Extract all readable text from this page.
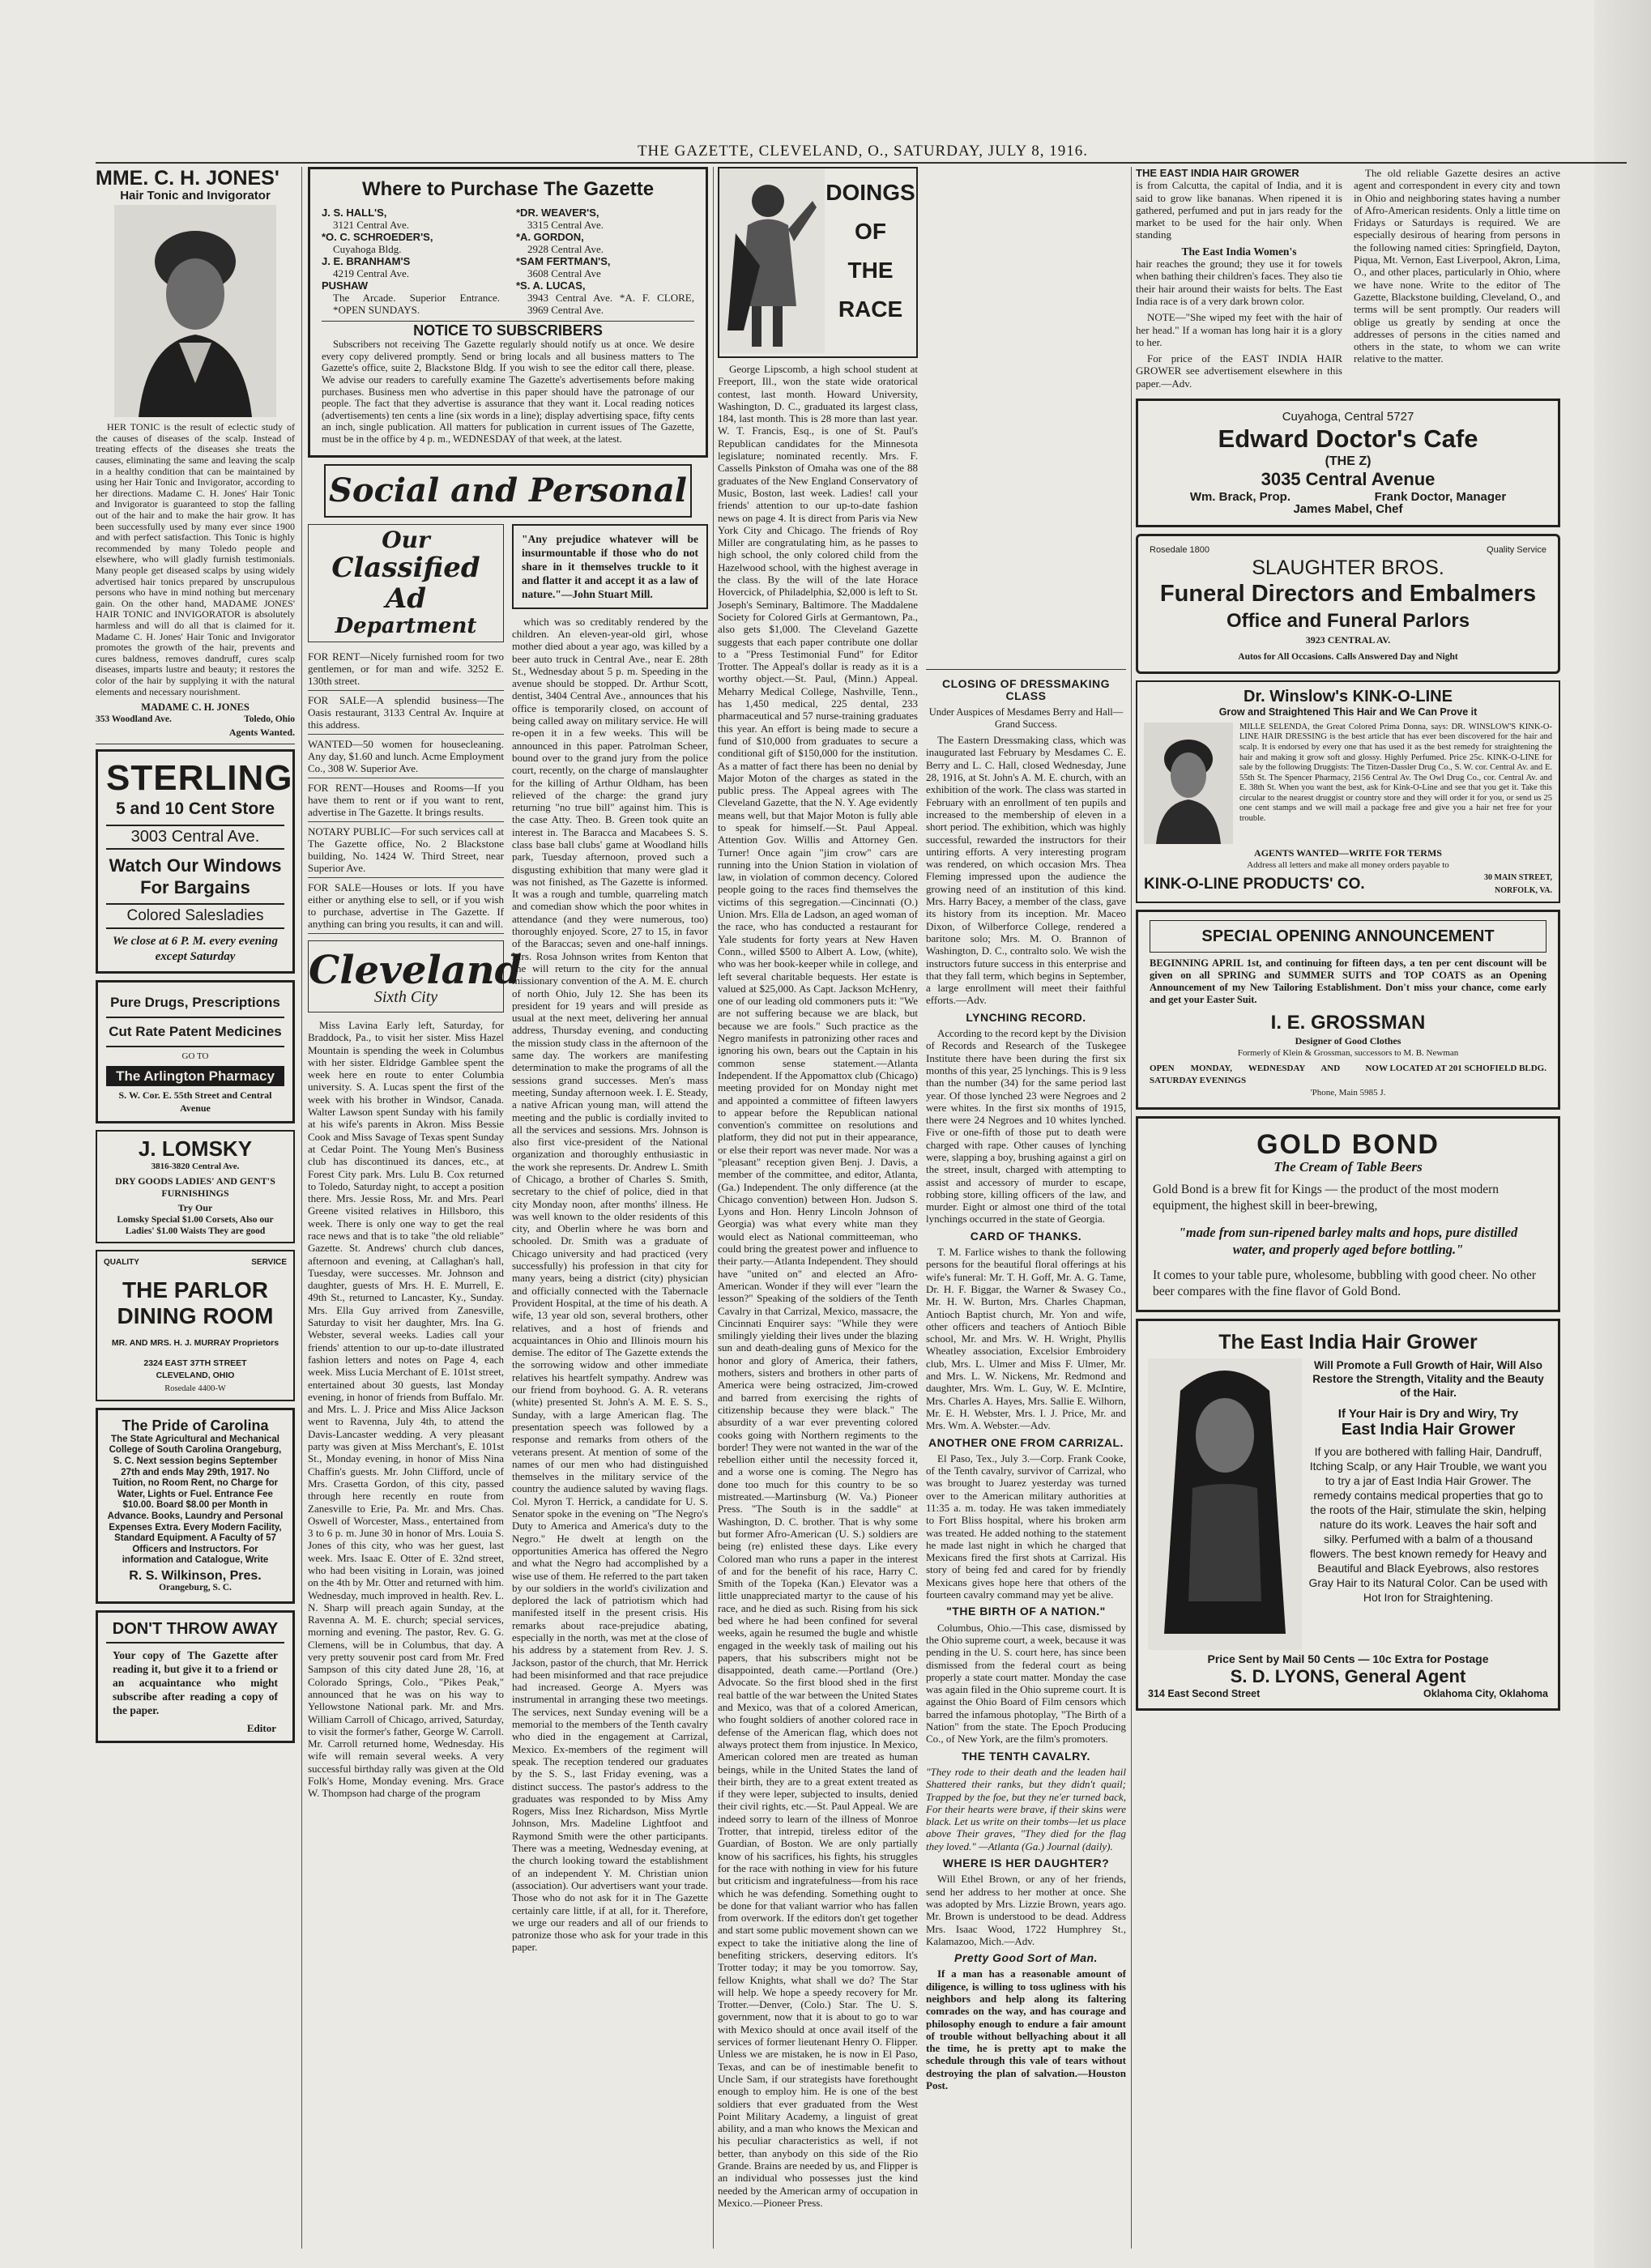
THE GAZETTE, CLEVELAND, O., SATURDAY, JULY 8, 1916.
MME. C. H. JONES'
Hair Tonic and Invigorator

HER TONIC is the result of eclectic study of the causes of diseases of the scalp. Instead of treating effects of the diseases she treats the causes, eliminating the same and leaving the scalp in a healthy condition that can be maintained by using her Hair Tonic and Invigorator, according to her directions. Madame C. H. Jones' Hair Tonic and Invigorator is guaranteed to stop the falling out of the hair and to make the hair grow. It has been successfully used by many ever since 1900 and with perfect satisfaction. This Tonic is highly recommended by many Toledo people and elsewhere, who will gladly furnish testimonials. Many people get diseased scalps by using widely advertised hair tonics prepared by unscrupulous persons who have in mind nothing but mercenary gain. On the other hand, MADAME JONES' HAIR TONIC and INVIGORATOR is absolutely harmless and will do all that is claimed for it. Madame C. H. Jones' Hair Tonic and Invigorator promotes the growth of the hair, prevents and cures baldness, removes dandruff, cures scalp diseases, imparts lustre and beauty; it restores the color of the hair by supplying it with the natural elements and necessary nourishment.

MADAME C. H. JONES
353 Woodland Ave.	Toledo, Ohio
Agents Wanted.
STERLING
5 and 10 Cent Store
3003 Central Ave.
Watch Our Windows For Bargains
Colored Salesladies
We close at 6 P. M. every evening except Saturday
Pure Drugs, Prescriptions
Cut Rate Patent Medicines
GO TO
The Arlington Pharmacy
S. W. Cor. E. 55th Street and Central Avenue
J. LOMSKY
3816-3820 Central Ave.
DRY GOODS LADIES' AND GENT'S FURNISHINGS
Try Our
Lomsky Special $1.00 Corsets, Also our Ladies' $1.00 Waists They are good
QUALITY	SERVICE
THE PARLOR DINING ROOM
MR. AND MRS. H. J. MURRAY Proprietors
2324 EAST 37TH STREET
CLEVELAND, OHIO
Rosedale 4400-W
The Pride of Carolina
The State Agricultural and Mechanical College of South Carolina Orangeburg, S. C. Next session begins September 27th and ends May 29th, 1917. No Tuition, no Room Rent, no Charge for Water, Lights or Fuel. Entrance Fee $10.00. Board $8.00 per Month in Advance. Books, Laundry and Personal Expenses Extra. Every Modern Facility, Standard Equipment. A Faculty of 57 Officers and Instructors. For information and Catalogue, Write
R. S. Wilkinson, Pres.
Orangeburg, S. C.
DON'T THROW AWAY
Your copy of The Gazette after reading it, but give it to a friend or an acquaintance who might subscribe after reading a copy of the paper.
Editor
Where to Purchase The Gazette
J. S. HALL'S,
3121 Central Ave.
*O. C. SCHROEDER'S,
Cuyahoga Bldg.
J. E. BRANHAM'S
4219 Central Ave.
PUSHAW
The Arcade. Superior Entrance. *OPEN SUNDAYS.
*DR. WEAVER'S,
3315 Central Ave.
*A. GORDON,
2928 Central Ave.
*SAM FERTMAN'S,
3608 Central Ave
*S. A. LUCAS,
3943 Central Ave. *A. F. CLORE, 3969 Central Ave.
NOTICE TO SUBSCRIBERS

Subscribers not receiving The Gazette regularly should notify us at once. We desire every copy delivered promptly. Send or bring locals and all business matters to The Gazette's office, suite 2, Blackstone Bldg. If you wish to see the editor call there, please. We advise our readers to carefully examine The Gazette's advertisements before making purchases. Business men who advertise in this paper should have the patronage of our people. The fact that they advertise is assurance that they want it. Local reading notices (advertisements) ten cents a line (six words in a line); display advertising space, fifty cents an inch, single publication. All matters for publication in current issues of The Gazette, must be in the office by 4 p. m., WEDNESDAY of that week, at the latest.

Social and Personal
Our
Classified Ad
Department
FOR RENT—Nicely furnished room for two gentlemen, or for man and wife. 3252 E. 130th street.
FOR SALE—A splendid business—The Oasis restaurant, 3133 Central Av. Inquire at this address.
WANTED—50 women for housecleaning. Any day, $1.60 and lunch. Acme Employment Co., 308 W. Superior Ave.
FOR RENT—Houses and Rooms—If you have them to rent or if you want to rent, advertise in The Gazette. It brings results.
NOTARY PUBLIC—For such services call at The Gazette office, No. 2 Blackstone building, No. 1424 W. Third Street, near Superior Ave.
FOR SALE—Houses or lots. If you have either or anything else to sell, or if you wish to purchase, advertise in The Gazette. If anything can bring you results, it can and will.
Cleveland
Sixth City

Miss Lavina Early left, Saturday, for Braddock, Pa., to visit her sister. Miss Hazel Mountain is spending the week in Columbus with her sister. Eldridge Gamblee spent the week here en route to enter Columbia university. S. A. Lucas spent the first of the week with his brother in Windsor, Canada. Walter Lawson spent Sunday with his family at his wife's parents in Akron. Miss Bessie Cook and Miss Savage of Texas spent Sunday at Cedar Point. The Young Men's Business club has discontinued its dances, etc., at Forest City park. Mrs. Lulu B. Cox returned to Toledo, Saturday night, to accept a position there. Mrs. Jessie Ross, Mr. and Mrs. Pearl Greene visited relatives in Hillsboro, this week. There is only one way to get the real race news and that is to take "the old reliable" Gazette. St. Andrews' church club dances, afternoon and evening, at Callaghan's hall, Tuesday, were successes. Mr. Johnson and daughter, guests of Mrs. H. E. Murrell, E. 49th St., returned to Lancaster, Ky., Sunday. Mrs. Ella Guy arrived from Zanesville, Saturday to visit her daughter, Mrs. Ina G. Webster, several weeks. Ladies call your friends' attention to our up-to-date illustrated fashion letters and notes on Page 4, each week. Miss Lucia Merchant of E. 101st street, entertained about 30 guests, last Monday evening, in honor of friends from Buffalo. Mr. and Mrs. L. J. Price and Miss Alice Jackson went to Ravenna, July 4th, to attend the Davis-Lancaster wedding. A very pleasant party was given at Miss Merchant's, E. 101st St., Monday evening, in honor of Miss Nina Chaffin's guests. Mr. John Clifford, uncle of Mrs. Crasetta Gordon, of this city, passed through here recently en route from Zanesville to Erie, Pa. Mr. and Mrs. Chas. Oswell of Worcester, Mass., entertained from 3 to 6 p. m. June 30 in honor of Mrs. Louia S. Jones of this city, who was her guest, last week. Mrs. Isaac E. Otter of E. 32nd street, who had been visiting in Lorain, was joined on the 4th by Mr. Otter and returned with him. Wednesday, much improved in health. Rev. L. N. Sharp will preach again Sunday, at the Ravenna A. M. E. church; special services, morning and evening. The pastor, Rev. G. G. Clemens, will be in Columbus, that day. A very pretty souvenir post card from Mr. Fred Sampson of this city dated June 28, '16, at Colorado Springs, Colo., "Pikes Peak," announced that he was on his way to Yellowstone National park. Mr. and Mrs. William Carroll of Chicago, arrived, Saturday, to visit the former's father, George W. Carroll. Mr. Carroll returned home, Wednesday. His wife will remain several weeks. A very successful birthday rally was given at the Old Folk's Home, Monday evening. Mrs. Grace W. Thompson had charge of the program

"Any prejudice whatever will be insurmountable if those who do not share in it themselves truckle to it and flatter it and accept it as a law of nature."—John Stuart Mill.

which was so creditably rendered by the children. An eleven-year-old girl, whose mother died about a year ago, was killed by a beer auto truck in Central Ave., near E. 28th St., Wednesday about 5 p. m. Speeding in the avenue should be stopped. Dr. Arthur Scott, dentist, 3404 Central Ave., announces that his office is temporarily closed, on account of being called away on military service. He will re-open it in a few weeks. This will be announced in this paper. Patrolman Scheer, bound over to the grand jury from the police court, recently, on the charge of manslaughter for the killing of Arthur Oldham, has been relieved of the charge: the grand jury returning "no true bill" against him. This is the case Atty. Theo. B. Green took quite an interest in. The Baracca and Macabees S. S. class base ball clubs' game at Woodland hills park, Tuesday afternoon, proved such a disgusting exhibition that many were glad it was not finished, as The Gazette is informed. It was a rough and tumble, quarreling match and comedian show which the poor whites in attendance (and they were numerous, too) thoroughly enjoyed. Score, 27 to 15, in favor of the Baraccas; seven and one-half innings. Mrs. Rosa Johnson writes from Kenton that she will return to the city for the annual missionary convention of the A. M. E. church of north Ohio, July 12. She has been its president for 19 years and will preside as usual at the next meet, delivering her annual address, Thursday evening, and conducting the mission study class in the afternoon of the same day. The workers are manifesting determination to make the programs of all the sessions grand successes. Men's mass meeting, Sunday afternoon week. I. E. Steady, a native African young man, will attend the meeting and the public is cordially invited to all the services and sessions. Mrs. Johnson is also first vice-president of the National organization and thoroughly enthusiastic in the work she represents. Dr. Andrew L. Smith of Chicago, a brother of Charles S. Smith, secretary to the chief of police, died in that city Monday noon, after months' illness. He was well known to the older residents of this city, and Oberlin where he was born and schooled. Dr. Smith was a graduate of Chicago university and had practiced (very successfully) his profession in that city for many years, being a district (city) physician and officially connected with the Tabernacle Provident Hospital, at the time of his death. A wife, 13 year old son, several brothers, other relatives, and a host of friends and acquaintances in Ohio and Illinois mourn his demise. The editor of The Gazette extends the the sorrowing widow and other immediate relatives his heartfelt sympathy. Andrew was our friend from boyhood. G. A. R. veterans (white) presented St. John's A. M. E. S. S., Sunday, with a large American flag. The presentation speech was followed by a response and remarks from others of the veterans present. At mention of some of the names of our men who had distinguished themselves in the military service of the country the audience saluted by waving flags. Col. Myron T. Herrick, a candidate for U. S. Senator spoke in the evening on "The Negro's Duty to America and America's duty to the Negro." He dwelt at length on the opportunities America has offered the Negro and what the Negro had accomplished by a wise use of them. He referred to the part taken by our soldiers in the world's civilization and deplored the lack of patriotism which had manifested itself in the present crisis. His remarks about race-prejudice abating, especially in the north, was met at the close of his address by a statement from Rev. J. S. Jackson, pastor of the church, that Mr. Herrick had been misinformed and that race prejudice had increased. George A. Myers was instrumental in arranging these two meetings. The services, next Sunday evening will be a memorial to the members of the Tenth cavalry who died in the engagement at Carrizal, Mexico. Ex-members of the regiment will speak. The reception tendered our graduates by the S. S., last Friday evening, was a distinct success. The pastor's address to the graduates was responded to by Miss Amy Rogers, Miss Inez Richardson, Miss Myrtle Johnson, Mrs. Madeline Lightfoot and Raymond Smith were the other participants. There was a meeting, Wednesday evening, at the church looking toward the establishment of an independent Y. M. Christian union (association). Our advertisers want your trade. Those who do not ask for it in The Gazette certainly care little, if at all, for it. Therefore, we urge our readers and all of our friends to patronize those who ask for your trade in this paper.

DOINGS
OF
THE
RACE

George Lipscomb, a high school student at Freeport, Ill., won the state wide oratorical contest, last month. Howard University, Washington, D. C., graduated its largest class, 184, last month. This is 28 more than last year. W. T. Francis, Esq., is one of St. Paul's Republican candidates for the Minnesota legislature; nominated recently. Mrs. F. Cassells Pinkston of Omaha was one of the 88 graduates of the New England Conservatory of Music, Boston, last week. Ladies! call your friends' attention to our up-to-date fashion news on page 4. It is direct from Paris via New York City and Chicago. The friends of Roy Miller are congratulating him, as he passes to high school, the only colored child from the Hazelwood school, with the highest average in the class. By the will of the late Horace Hovercick, of Philadelphia, $2,000 is left to St. Joseph's Seminary, Baltimore. The Maddalene Society for Colored Girls at Germantown, Pa., also gets $1,000. The Cleveland Gazette suggests that each paper contribute one dollar to a "Press Testimonial Fund" for Editor Trotter. The Appeal's dollar is ready as it is a worthy object.—St. Paul, (Minn.) Appeal. Meharry Medical College, Nashville, Tenn., has 1,450 medical, 225 dental, 233 pharmaceutical and 57 nurse-training graduates this year. An effort is being made to secure a fund of $10,000 from graduates to secure a conditional gift of $150,000 for the institution. As a matter of fact there has been no denial by Major Moton of the charges as stated in the public press. The Appeal agrees with The Cleveland Gazette, that the N. Y. Age evidently means well, but that Major Moton is fully able to speak for himself.—St. Paul Appeal. Attention Gov. Willis and Attorney Gen. Turner! Once again "jim crow" cars are running into the Union Station in violation of law, in violation of common decency. Colored people going to the races find themselves the victims of this segregation.—Cincinnati (O.) Union. Mrs. Ella de Ladson, an aged woman of the race, who has conducted a restaurant for Yale students for forty years at New Haven Conn., willed $500 to Albert A. Low, (white), who was her book-keeper while in college, and left several charitable bequests. Her estate is valued at $25,000. As Capt. Jackson McHenry, one of our leading old commoners puts it: "We are not suffering because we are black, but because we are fools." Such practice as the Negro manifests in patronizing other races and ignoring his own, bears out the Captain in his common sense statement.—Atlanta Independent. If the Appomattox club (Chicago) meeting provided for on Monday night met and appointed a committee of fifteen lawyers to appear before the Republican national convention's committee on resolutions and platform, they did not put in their appearance, or else their report was never made. Nor was a "pleasant" reception given Benj. J. Davis, a member of the committee, and editor, Atlanta, (Ga.) Independent. The only difference (at the Chicago convention) between Hon. Judson S. Lyons and Hon. Henry Lincoln Johnson of Georgia) was what every white man they would elect as National committeeman, who could bring the greatest power and influence to their party.—Atlanta Independent. They should have "united on" and elected an Afro-American. Wonder if they will ever "learn the lesson?" Speaking of the soldiers of the Tenth Cavalry in that Carrizal, Mexico, massacre, the Cincinnati Enquirer says: "While they were smilingly yielding their lives under the blazing sun and death-dealing guns of Mexico for the honor and glory of America, their fathers, mothers, sisters and brothers in other parts of America were being ostracized, Jim-crowed and barred from exercising the rights of citizenship because they were black." The absurdity of a war ever preventing colored cooks going with Northern regiments to the border! They were not wanted in the war of the rebellion either until the necessity forced it, and a worse one is coming. The Negro has done too much for this country to be so mistreated.—Martinsburg (W. Va.) Pioneer Press. "The South is in the saddle" at Washington, D. C. brother. That is why some but former Afro-American (U. S.) soldiers are being (re) enlisted these days. Like every Colored man who runs a paper in the interest of and for the benefit of his race, Harry C. Smith of the Topeka (Kan.) Elevator was a little unappreciated martyr to the cause of his race, and he died as such. Rising from his sick bed where he had been confined for several weeks, again he resumed the bugle and whistle engaged in the weekly task of mailing out his papers, that his subscribers might not be disappointed, death came.—Portland (Ore.) Advocate. So the first blood shed in the first real battle of the war between the United States and Mexico, was that of a colored American, who fought soldiers of another colored race in defense of the American flag, which does not always protect them from injustice. In Mexico, American colored men are treated as human beings, while in the United States the land of their birth, they are to a great extent treated as if they were leper, subjected to insults, denied their civil rights, etc.—St. Paul Appeal. We are indeed sorry to learn of the illness of Monroe Trotter, that intrepid, tireless editor of the Guardian, of Boston. We are only partially know of his sacrifices, his fights, his struggles for the race with nothing in view for his future but criticism and ingratefulness—from his race which he was defending. Something ought to be done for that valiant warrior who has fallen from overwork. If the editors don't get together and start some public movement shown can we expect to take the initiative along the line of benefiting strickers, deserving editors. It's Trotter today; it may be you tomorrow. Say, fellow Knights, what shall we do? The Star will help. We hope a speedy recovery for Mr. Trotter.—Denver, (Colo.) Star. The U. S. government, now that it is about to go to war with Mexico should at once avail itself of the services of former lieutenant Henry O. Flipper. Unless we are mistaken, he is now in El Paso, Texas, and can be of inestimable benefit to Uncle Sam, if our strategists have forethought enough to employ him. He is one of the best soldiers that ever graduated from the West Point Military Academy, a linguist of great ability, and a man who knows the Mexican and his peculiar characteristics as well, if not better, than anybody on this side of the Rio Grande. Brains are needed by us, and Flipper is an individual who possesses just the kind needed by the American army of occupation in Mexico.—Pioneer Press.

CLOSING OF DRESSMAKING CLASS
Under Auspices of Mesdames Berry and Hall—Grand Success.

The Eastern Dressmaking class, which was inaugurated last February by Mesdames C. E. Berry and L. C. Hall, closed Wednesday, June 28, 1916, at St. John's A. M. E. church, with an exhibition of the work. The class was started in February with an enrollment of ten pupils and increased to the membership of eleven in a short period. The exhibition, which was highly successful, rewarded the instructors for their untiring efforts. A very interesting program was rendered, on which occasion Mrs. Thea Fleming impressed upon the audience the growing need of an institution of this kind. Mrs. Harry Bacey, a member of the class, gave its history from its inception. Mr. Maceo Dixon, of Wilberforce College, rendered a baritone solo; Mrs. M. O. Brannon of Washington, D. C., contralto solo. We wish the instructors future success in this enterprise and that they fall term, which begins in September, a large enrollment will meet their faithful efforts.—Adv.

LYNCHING RECORD.

According to the record kept by the Division of Records and Research of the Tuskegee Institute there have been during the first six months of this year, 25 lynchings. This is 9 less than the number (34) for the same period last year. Of those lynched 23 were Negroes and 2 were whites. In the first six months of 1915, there were 24 Negroes and 10 whites lynched. Five or one-fifth of those put to death were charged with rape. Other causes of lynching were, slapping a boy, brushing against a girl on the street, insult, charged with attempting to assist and accessory of murder to escape, robbing store, killing officers of the law, and murder. Eight or almost one third of the total lynchings occurred in the state of Georgia.

CARD OF THANKS.

T. M. Farlice wishes to thank the following persons for the beautiful floral offerings at his wife's funeral: Mr. T. H. Goff, Mr. A. G. Tame, Dr. H. F. Biggar, the Warner & Swasey Co., Mr. H. W. Burton, Mrs. Charles Chapman, Antioch Baptist church, Mr. Yon and wife, other officers and teachers of Antioch Bible school, Mr. and Mrs. W. H. Wright, Phyllis Wheatley association, Excelsior Embroidery club, Mrs. L. Ulmer and Miss F. Ulmer, Mr. and Mrs. L. W. Nickens, Mr. Redmond and daughter, Mrs. Wm. L. Guy, W. E. McIntire, Mrs. Charles A. Hayes, Mrs. Sallie E. Wilhorn, Mr. E. H. Webster, Mrs. I. J. Price, Mr. and Mrs. Wm. A. Webster.—Adv.

ANOTHER ONE FROM CARRIZAL.

El Paso, Tex., July 3.—Corp. Frank Cooke, of the Tenth cavalry, survivor of Carrizal, who was brought to Juarez yesterday was turned over to the American military authorities at 11:35 a. m. today. He was taken immediately to Fort Bliss hospital, where his broken arm was treated. He added nothing to the statement he made last night in which he charged that Mexicans fired the first shots at Carrizal. His story of being fed and cared for by friendly Mexicans gives hope here that others of the fourteen cavalry command may yet be alive.

"THE BIRTH OF A NATION."

Columbus, Ohio.—This case, dismissed by the Ohio supreme court, a week, because it was pending in the U. S. court here, has since been dismissed from the federal court as being properly a state court matter. Monday the case was again filed in the Ohio supreme court. It is against the Ohio Board of Film censors which barred the infamous photoplay, "The Birth of a Nation" from the state. The Epoch Producing Co., of New York, are the film's promoters.

THE TENTH CAVALRY.

"They rode to their death and the leaden hail Shattered their ranks, but they didn't quail; Trapped by the foe, but they ne'er turned back, For their hearts were brave, if their skins were black. Let us write on their tombs—let us place above Their graves, "They died for the flag they loved." —Atlanta (Ga.) Journal (daily).

WHERE IS HER DAUGHTER?

Will Ethel Brown, or any of her friends, send her address to her mother at once. She was adopted by Mrs. Lizzie Brown, years ago. Mr. Brown is understood to be dead. Address Mrs. Isaac Wood, 1722 Humphrey St., Kalamazoo, Mich.—Adv.

Pretty Good Sort of Man.

If a man has a reasonable amount of diligence, is willing to toss ugliness with his neighbors and help along its faltering comrades on the way, and has courage and philosophy enough to endure a fair amount of trouble without bellyaching about it all the time, he is pretty apt to make the schedule through this vale of tears without destroying the plan of salvation.—Houston Post.

THE EAST INDIA HAIR GROWER

is from Calcutta, the capital of India, and it is said to grow like bananas. When ripened it is gathered, perfumed and put in jars ready for the market to be used for the hair only. When standing

The East India Women's

hair reaches the ground; they use it for towels when bathing their children's faces. They also tie their hair around their waists for belts. The East India race is of a very dark brown color.

NOTE—"She wiped my feet with the hair of her head." If a woman has long hair it is a glory to her.

For price of the EAST INDIA HAIR GROWER see advertisement elsewhere in this paper.—Adv.

The old reliable Gazette desires an active agent and correspondent in every city and town in Ohio and neighboring states having a number of Afro-American residents. Only a little time on Fridays or Saturdays is required. We are especially desirous of hearing from persons in the following named cities: Springfield, Dayton, Piqua, Mt. Vernon, East Liverpool, Akron, Lima, O., and other places, particularly in Ohio, where we have none. Write to the editor of The Gazette, Blackstone building, Cleveland, O., and terms will be sent promptly. Our readers will oblige us greatly by sending at once the addresses of persons in the cities named and others in the state, to whom we can write relative to the matter.

Cuyahoga, Central 5727
Edward Doctor's Cafe
(THE Z)
3035 Central Avenue
Wm. Brack, Prop.	Frank Doctor, Manager
James Mabel, Chef
Rosedale 1800	Quality Service
SLAUGHTER BROS.
Funeral Directors and Embalmers
Office and Funeral Parlors
3923 CENTRAL AV.
Autos for All Occasions. Calls Answered Day and Night
Dr. Winslow's KINK-O-LINE
Grow and Straightened This Hair and We Can Prove it
MILLE SELENDA, the Great Colored Prima Donna, says: DR. WINSLOW'S KINK-O-LINE HAIR DRESSING is the best article that has ever been discovered for the hair and scalp. It is endorsed by every one that has used it as the best remedy for straightening the hair and making it grow soft and glossy. Highly Perfumed. Price 25c. KINK-O-LINE for sale by the following Druggists: The Titzen-Dassler Drug Co., S. W. cor. Central Av. and E. 55th St. The Spencer Pharmacy, 2156 Central Av. The Owl Drug Co., cor. Central Av. and E. 38th St. When you want the best, ask for Kink-O-Line and see that you get it. Take this circular to the nearest druggist or country store and they will order it for you, or send us 25 one cent stamps and we will mail a package free and give you a hair net free for your trouble.
AGENTS WANTED—WRITE FOR TERMS
Address all letters and make all money orders payable to
KINK-O-LINE PRODUCTS' CO.	30 MAIN STREET, NORFOLK, VA.
SPECIAL OPENING ANNOUNCEMENT
BEGINNING APRIL 1st, and continuing for fifteen days, a ten per cent discount will be given on all SPRING and SUMMER SUITS and TOP COATS as an Opening Announcement of my New Tailoring Establishment. Don't miss your chance, come early and get your Easter Suit.
I. E. GROSSMAN
Designer of Good Clothes
Formerly of Klein & Grossman, successors to M. B. Newman
OPEN MONDAY, WEDNESDAY AND SATURDAY EVENINGS
NOW LOCATED AT 201 SCHOFIELD BLDG.
'Phone, Main 5985 J.
GOLD BOND
The Cream of Table Beers
Gold Bond is a brew fit for Kings — the product of the most modern equipment, the highest skill in beer-brewing,
"made from sun-ripened barley malts and hops, pure distilled water, and properly aged before bottling."
It comes to your table pure, wholesome, bubbling with good cheer. No other beer compares with the fine flavor of Gold Bond.
The East India Hair Grower
Will Promote a Full Growth of Hair, Will Also Restore the Strength, Vitality and the Beauty of the Hair.
If Your Hair is Dry and Wiry, Try
East India Hair Grower
If you are bothered with falling Hair, Dandruff, Itching Scalp, or any Hair Trouble, we want you to try a jar of East India Hair Grower. The remedy contains medical properties that go to the roots of the Hair, stimulate the skin, helping nature do its work. Leaves the hair soft and silky. Perfumed with a balm of a thousand flowers. The best known remedy for Heavy and Beautiful and Black Eyebrows, also restores Gray Hair to its Natural Color. Can be used with Hot Iron for Straightening.
Price Sent by Mail 50 Cents — 10c Extra for Postage
S. D. LYONS, General Agent
314 East Second Street	Oklahoma City, Oklahoma
